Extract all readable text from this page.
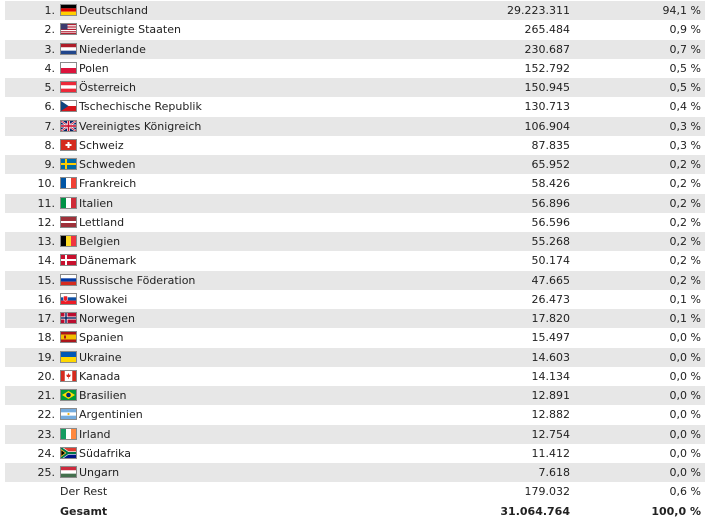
1. Deutschland	29.223.311	94,1 %
2. Vereinigte Staaten	265.484	0,9 %
3. Niederlande	230.687	0,7 %
4. Polen	152.792	0,5 %
5. Österreich	150.945	0,5 %
6. Tschechische Republik	130.713	0,4 %
7. Vereinigtes Königreich	106.904	0,3 %
8. Schweiz	87.835	0,3 %
9. Schweden	65.952	0,2 %
10. Frankreich	58.426	0,2 %
11. Italien	56.896	0,2 %
12. Lettland	56.596	0,2 %
13. Belgien	55.268	0,2 %
14. Dänemark	50.174	0,2 %
15. Russische Föderation	47.665	0,2 %
16. Slowakei	26.473	0,1 %
17. Norwegen	17.820	0,1 %
18. Spanien	15.497	0,0 %
19. Ukraine	14.603	0,0 %
20. Kanada	14.134	0,0 %
21. Brasilien	12.891	0,0 %
22. Argentinien	12.882	0,0 %
23. Irland	12.754	0,0 %
24. Südafrika	11.412	0,0 %
25. Ungarn	7.618	0,0 %
Der Rest	179.032	0,6 %
Gesamt	31.064.764	100,0 %
